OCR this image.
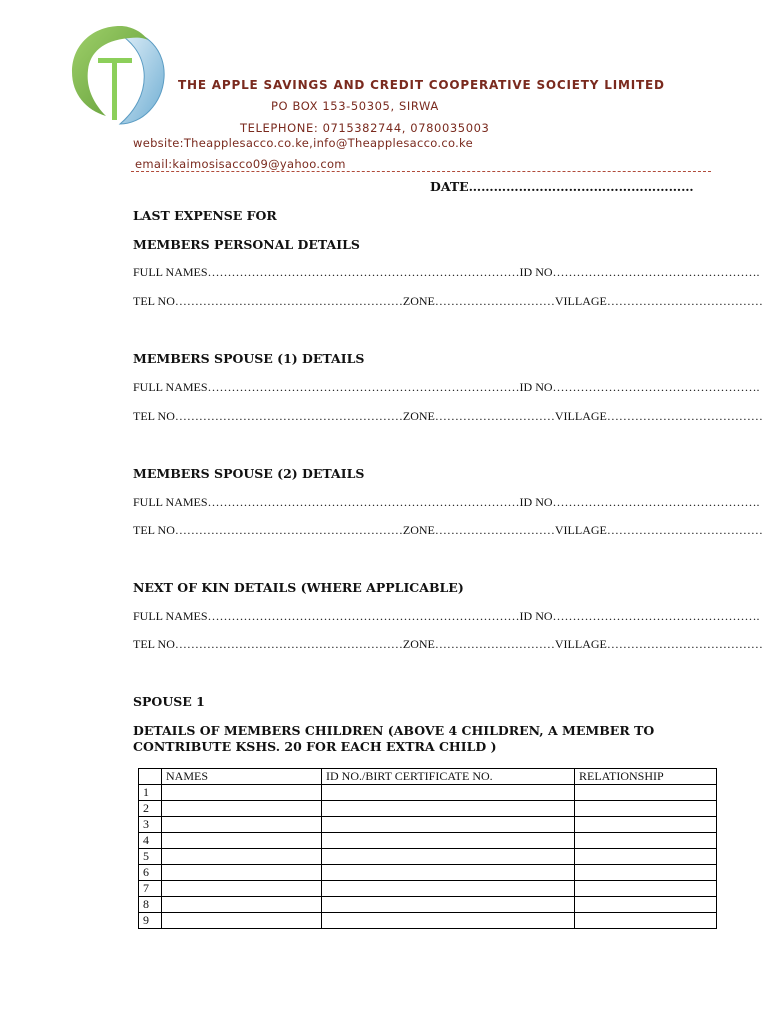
THE APPLE SAVINGS AND CREDIT COOPERATIVE SOCIETY LIMITED
PO BOX 153-50305, SIRWA
TELEPHONE: 0715382744, 0780035003
website:Theapplesacco.co.ke,info@Theapplesacco.co.ke
email:kaimosisacco09@yahoo.com
DATE………………………………………………
LAST EXPENSE FOR
MEMBERS PERSONAL DETAILS
FULL NAMES……………………………………………………………………ID NO…………………………………………….
TEL NO…………………………………………………ZONE…………………………VILLAGE…………………………………
MEMBERS SPOUSE (1) DETAILS
FULL NAMES……………………………………………………………………ID NO…………………………………………….
TEL NO…………………………………………………ZONE…………………………VILLAGE…………………………………
MEMBERS SPOUSE (2) DETAILS
FULL NAMES……………………………………………………………………ID NO…………………………………………….
TEL NO…………………………………………………ZONE…………………………VILLAGE…………………………………
NEXT OF KIN DETAILS (WHERE APPLICABLE)
FULL NAMES……………………………………………………………………ID NO…………………………………………….
TEL NO…………………………………………………ZONE…………………………VILLAGE…………………………………
SPOUSE 1
DETAILS OF MEMBERS CHILDREN (ABOVE 4 CHILDREN, A MEMBER TO CONTRIBUTE KSHS. 20 FOR EACH EXTRA CHILD )
	NAMES	ID NO./BIRT CERTIFICATE NO.	RELATIONSHIP
1			
2			
3			
4			
5			
6			
7			
8			
9			
